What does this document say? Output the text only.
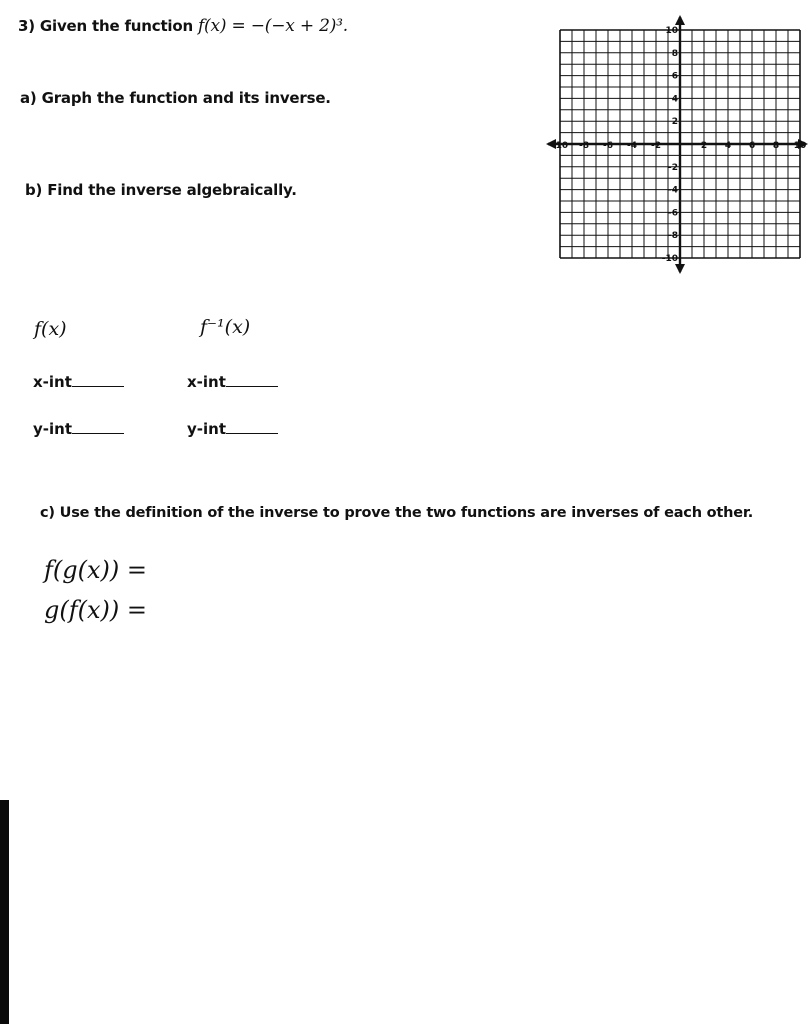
3) Given the function f(x) = −(−x + 2)³.
a) Graph the function and its inverse.
b) Find the inverse algebraically.
-10 -8 -6 -4 -2	2 4 6 8 10
10
8
6
4
2
-2
-4
-6
-8
-10
f(x)	f⁻¹(x)
x-int	x-int
y-int	y-int
c) Use the definition of the inverse to prove the two functions are inverses of each other.
f(g(x)) =
g(f(x)) =
